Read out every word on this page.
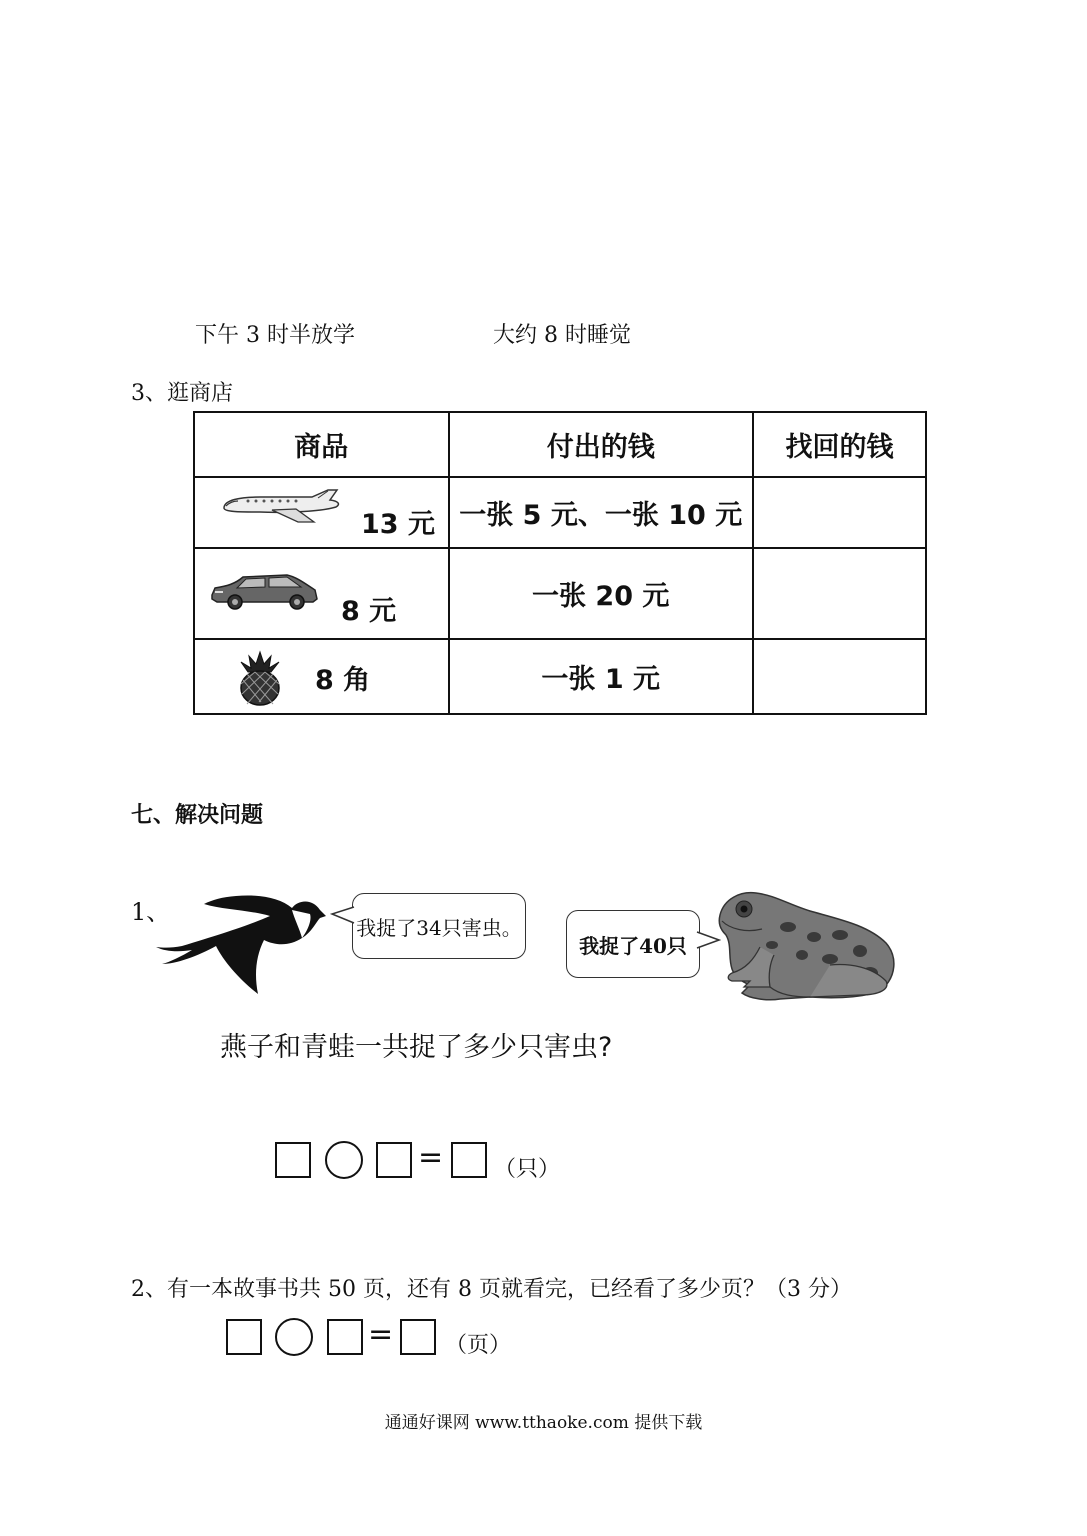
下午 3 时半放学	大约 8 时睡觉
3、逛商店
商品	付出的钱	找回的钱

13 元	一张 5 元、一张 10 元	

8 元	一张 20 元	

8 角	一张 1 元	
七、解决问题
1、
我捉了34只害虫。
我捉了40只
燕子和青蛙一共捉了多少只害虫?
= （只）
2、有一本故事书共 50 页，还有 8 页就看完，已经看了多少页？（3 分）
= （页）
通通好课网 www.tthaoke.com 提供下载
